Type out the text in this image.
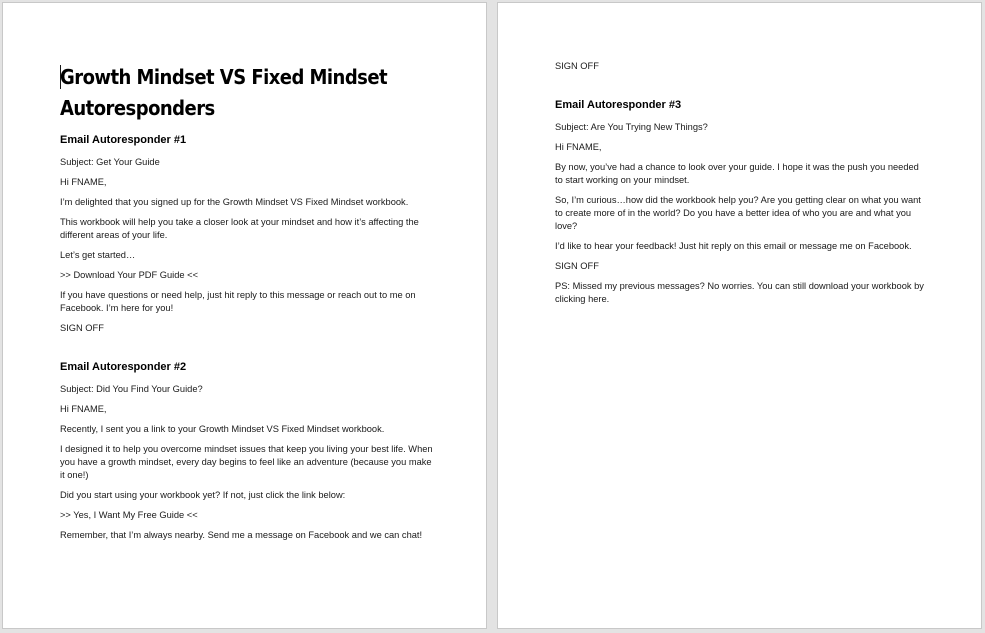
Growth Mindset VS Fixed Mindset Autoresponders
Email Autoresponder #1
Subject: Get Your Guide
Hi FNAME,
I’m delighted that you signed up for the Growth Mindset VS Fixed Mindset workbook.
This workbook will help you take a closer look at your mindset and how it’s affecting the different areas of your life.
Let’s get started…
>> Download Your PDF Guide <<
If you have questions or need help, just hit reply to this message or reach out to me on Facebook. I’m here for you!
SIGN OFF
Email Autoresponder #2
Subject: Did You Find Your Guide?
Hi FNAME,
Recently, I sent you a link to your Growth Mindset VS Fixed Mindset workbook.
I designed it to help you overcome mindset issues that keep you living your best life. When you have a growth mindset, every day begins to feel like an adventure (because you make it one!)
Did you start using your workbook yet? If not, just click the link below:
>> Yes, I Want My Free Guide <<
Remember, that I’m always nearby. Send me a message on Facebook and we can chat!
SIGN OFF
Email Autoresponder #3
Subject: Are You Trying New Things?
Hi FNAME,
By now, you’ve had a chance to look over your guide. I hope it was the push you needed to start working on your mindset.
So, I’m curious…how did the workbook help you? Are you getting clear on what you want to create more of in the world? Do you have a better idea of who you are and what you love?
I’d like to hear your feedback! Just hit reply on this email or message me on Facebook.
SIGN OFF
PS: Missed my previous messages? No worries. You can still download your workbook by clicking here.
